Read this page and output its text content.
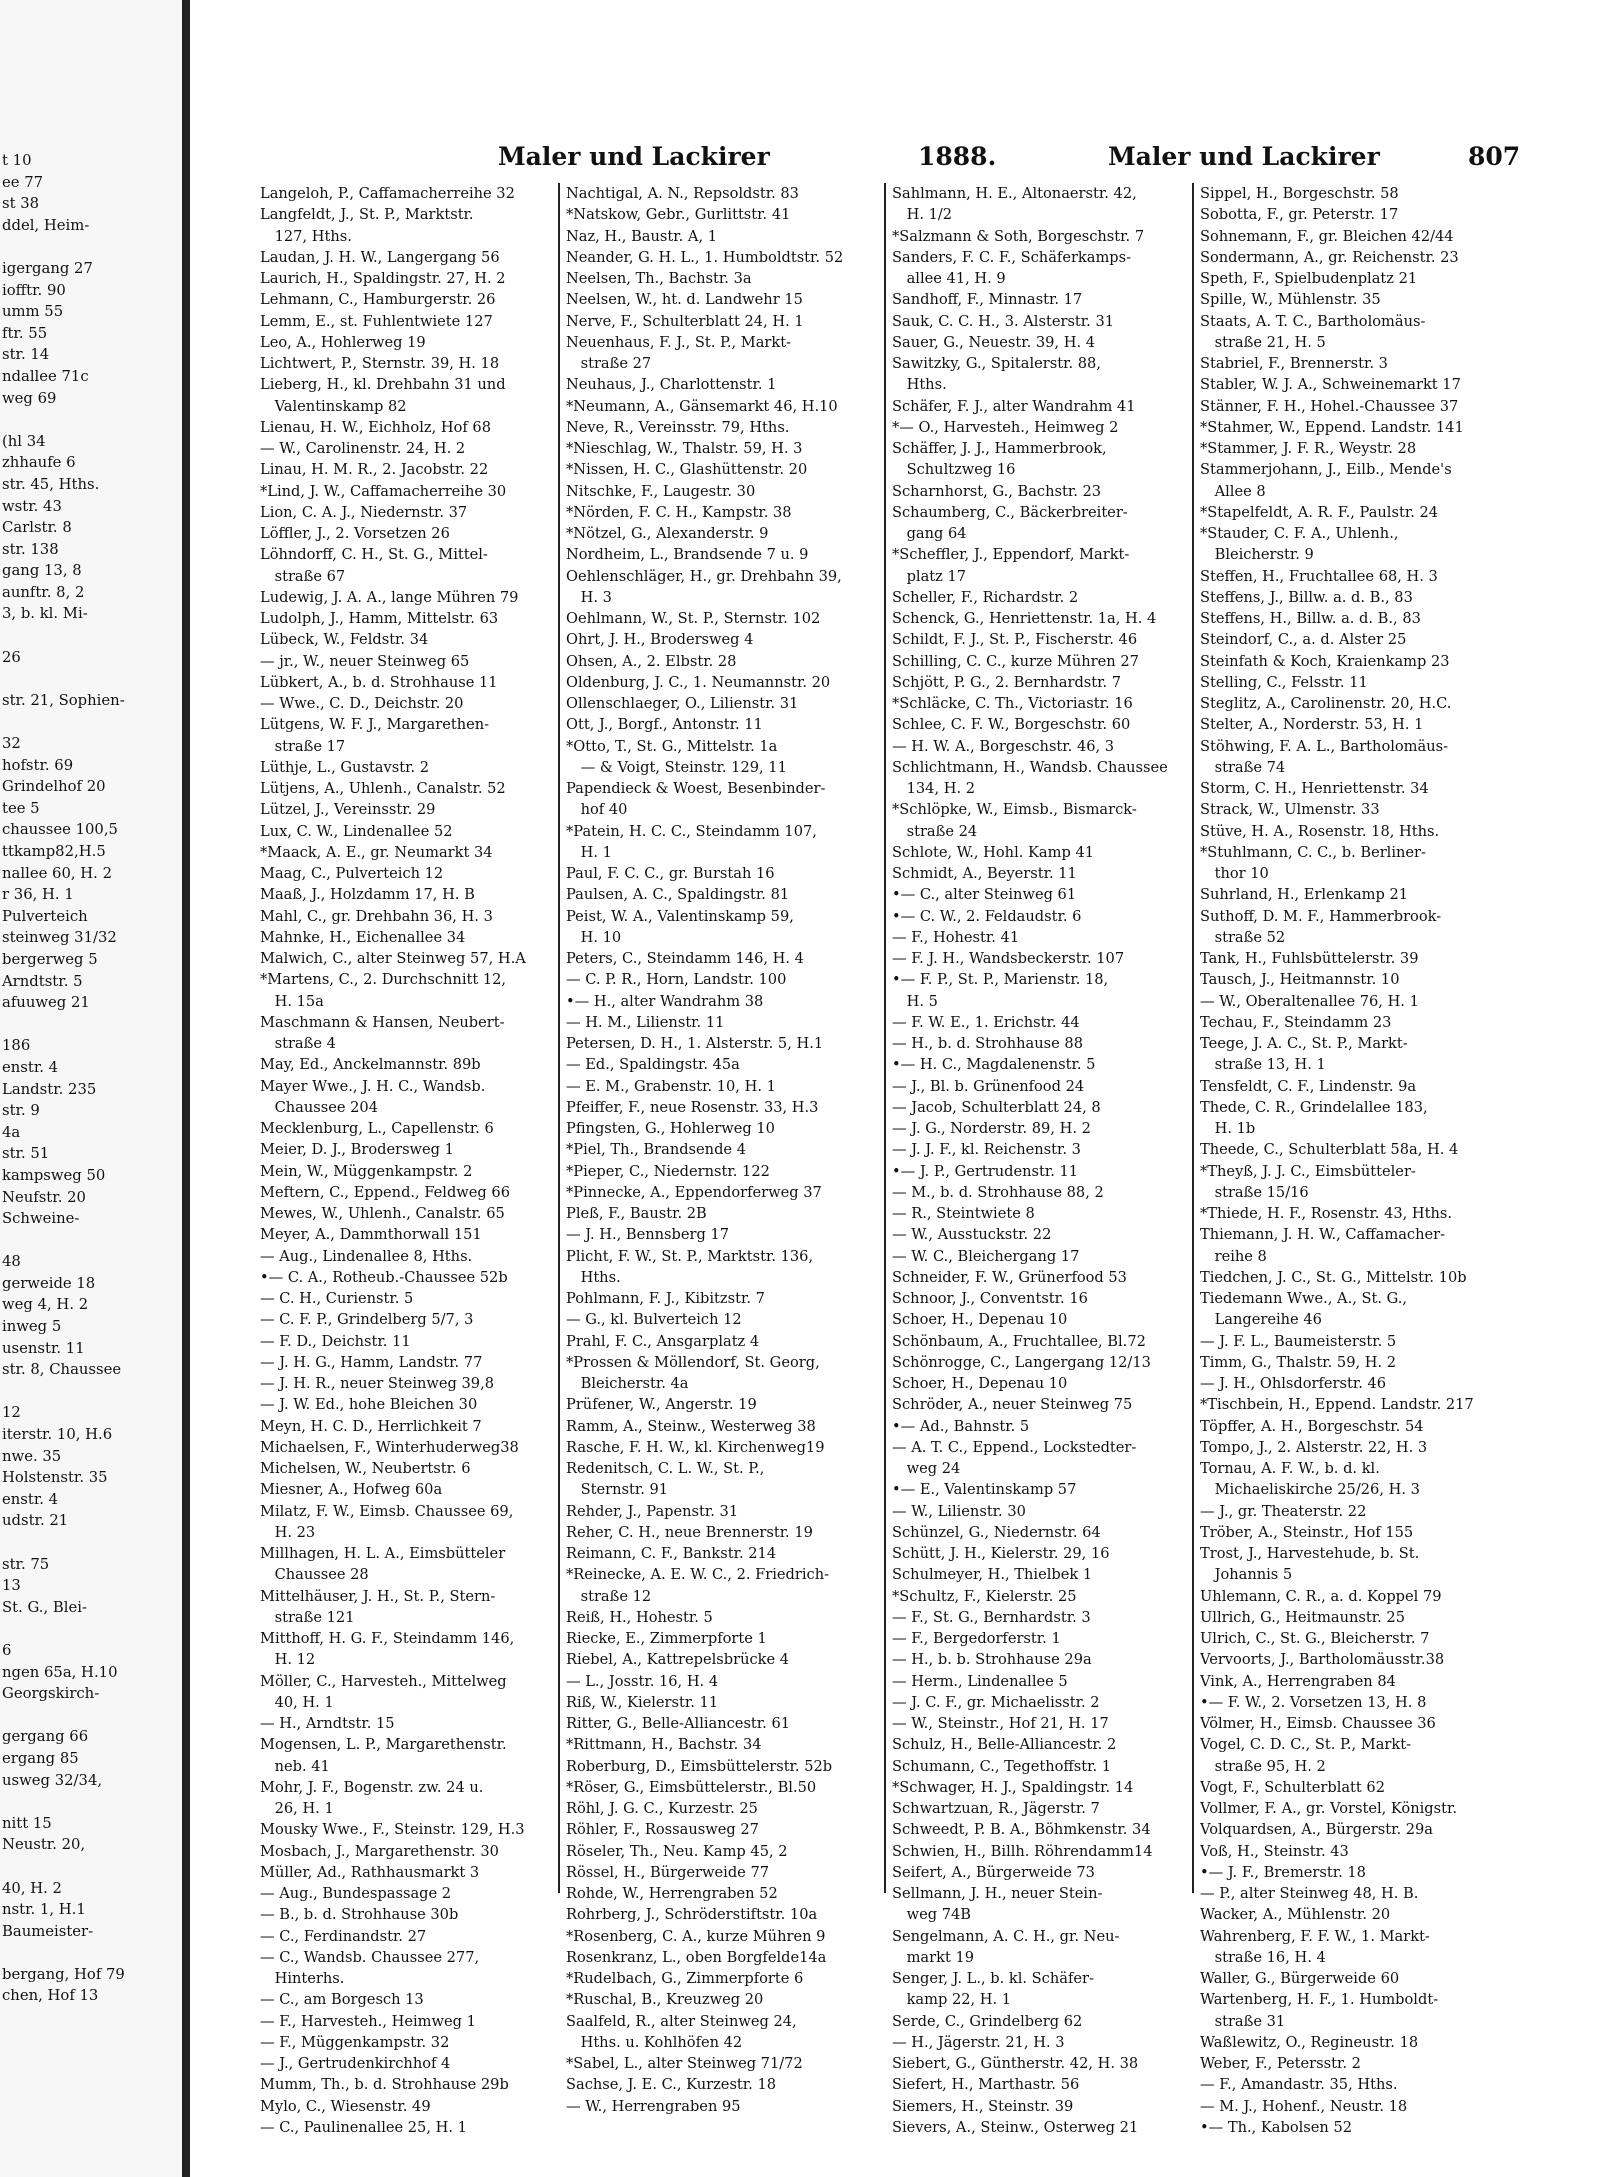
t 10
ee 77
st 38
ddel, Heim-

igergang 27
iofftr. 90
umm 55
ftr. 55
str. 14
ndallee 71c
weg 69

(hl 34
zhhaufe 6
str. 45, Hths.
wstr. 43
Carlstr. 8
str. 138
gang 13, 8
aunftr. 8, 2
3, b. kl. Mi-

26

str. 21, Sophien-

32
hofstr. 69
Grindelhof 20
tee 5
chaussee 100,5
ttkamp82,H.5
nallee 60, H. 2
r 36, H. 1
Pulverteich
steinweg 31/32
bergerweg 5
Arndtstr. 5
afuuweg 21

186
enstr. 4
Landstr. 235
str. 9
4a
str. 51
kampsweg 50
Neufstr. 20
Schweine-

48
gerweide 18
weg 4, H. 2
inweg 5
usenstr. 11
str. 8, Chaussee

12
iterstr. 10, H.6
nwe. 35
Holstenstr. 35
enstr. 4
udstr. 21

str. 75
13
St. G., Blei-

6
ngen 65a, H.10
Georgskirch-

gergang 66
ergang 85
usweg 32/34,

nitt 15
Neustr. 20,

40, H. 2
nstr. 1, H.1
Baumeister-

bergang, Hof 79
chen, Hof 13
Maler und Lackirer	1888.	Maler und Lackirer	807
Langeloh, P., Caffamacherreihe 32
Langfeldt, J., St. P., Marktstr.
 127, Hths.
Laudan, J. H. W., Langergang 56
Laurich, H., Spaldingstr. 27, H. 2
Lehmann, C., Hamburgerstr. 26
Lemm, E., st. Fuhlentwiete 127
Leo, A., Hohlerweg 19
Lichtwert, P., Sternstr. 39, H. 18
Lieberg, H., kl. Drehbahn 31 und
 Valentinskamp 82
Lienau, H. W., Eichholz, Hof 68
— W., Carolinenstr. 24, H. 2
Linau, H. M. R., 2. Jacobstr. 22
*Lind, J. W., Caffamacherreihe 30
Lion, C. A. J., Niedernstr. 37
Löffler, J., 2. Vorsetzen 26
Löhndorff, C. H., St. G., Mittel-
 straße 67
Ludewig, J. A. A., lange Mühren 79
Ludolph, J., Hamm, Mittelstr. 63
Lübeck, W., Feldstr. 34
— jr., W., neuer Steinweg 65
Lübkert, A., b. d. Strohhause 11
— Wwe., C. D., Deichstr. 20
Lütgens, W. F. J., Margarethen-
 straße 17
Lüthje, L., Gustavstr. 2
Lütjens, A., Uhlenh., Canalstr. 52
Lützel, J., Vereinsstr. 29
Lux, C. W., Lindenallee 52
*Maack, A. E., gr. Neumarkt 34
Maag, C., Pulverteich 12
Maaß, J., Holzdamm 17, H. B
Mahl, C., gr. Drehbahn 36, H. 3
Mahnke, H., Eichenallee 34
Malwich, C., alter Steinweg 57, H.A
*Martens, C., 2. Durchschnitt 12,
 H. 15a
Maschmann & Hansen, Neubert-
 straße 4
May, Ed., Anckelmannstr. 89b
Mayer Wwe., J. H. C., Wandsb.
 Chaussee 204
Mecklenburg, L., Capellenstr. 6
Meier, D. J., Brodersweg 1
Mein, W., Müggenkampstr. 2
Meftern, C., Eppend., Feldweg 66
Mewes, W., Uhlenh., Canalstr. 65
Meyer, A., Dammthorwall 151
— Aug., Lindenallee 8, Hths.
•— C. A., Rotheub.-Chaussee 52b
— C. H., Curienstr. 5
— C. F. P., Grindelberg 5/7, 3
— F. D., Deichstr. 11
— J. H. G., Hamm, Landstr. 77
— J. H. R., neuer Steinweg 39,8
— J. W. Ed., hohe Bleichen 30
Meyn, H. C. D., Herrlichkeit 7
Michaelsen, F., Winterhuderweg38
Michelsen, W., Neubertstr. 6
Miesner, A., Hofweg 60a
Milatz, F. W., Eimsb. Chaussee 69,
 H. 23
Millhagen, H. L. A., Eimsbütteler
 Chaussee 28
Mittelhäuser, J. H., St. P., Stern-
 straße 121
Mitthoff, H. G. F., Steindamm 146,
 H. 12
Möller, C., Harvesteh., Mittelweg
 40, H. 1
— H., Arndtstr. 15
Mogensen, L. P., Margarethenstr.
 neb. 41
Mohr, J. F., Bogenstr. zw. 24 u.
 26, H. 1
Mousky Wwe., F., Steinstr. 129, H.3
Mosbach, J., Margarethenstr. 30
Müller, Ad., Rathhausmarkt 3
— Aug., Bundespassage 2
— B., b. d. Strohhause 30b
— C., Ferdinandstr. 27
— C., Wandsb. Chaussee 277,
 Hinterhs.
— C., am Borgesch 13
— F., Harvesteh., Heimweg 1
— F., Müggenkampstr. 32
— J., Gertrudenkirchhof 4
Mumm, Th., b. d. Strohhause 29b
Mylo, C., Wiesenstr. 49
— C., Paulinenallee 25, H. 1
Nachtigal, A. N., Repsoldstr. 83
*Natskow, Gebr., Gurlittstr. 41
Naz, H., Baustr. A, 1
Neander, G. H. L., 1. Humboldtstr. 52
Neelsen, Th., Bachstr. 3a
Neelsen, W., ht. d. Landwehr 15
Nerve, F., Schulterblatt 24, H. 1
Neuenhaus, F. J., St. P., Markt-
 straße 27
Neuhaus, J., Charlottenstr. 1
*Neumann, A., Gänsemarkt 46, H.10
Neve, R., Vereinsstr. 79, Hths.
*Nieschlag, W., Thalstr. 59, H. 3
*Nissen, H. C., Glashüttenstr. 20
Nitschke, F., Laugestr. 30
*Nörden, F. C. H., Kampstr. 38
*Nötzel, G., Alexanderstr. 9
Nordheim, L., Brandsende 7 u. 9
Oehlenschläger, H., gr. Drehbahn 39,
 H. 3
Oehlmann, W., St. P., Sternstr. 102
Ohrt, J. H., Brodersweg 4
Ohsen, A., 2. Elbstr. 28
Oldenburg, J. C., 1. Neumannstr. 20
Ollenschlaeger, O., Lilienstr. 31
Ott, J., Borgf., Antonstr. 11
*Otto, T., St. G., Mittelstr. 1a
 — & Voigt, Steinstr. 129, 11
Papendieck & Woest, Besenbinder-
 hof 40
*Patein, H. C. C., Steindamm 107,
 H. 1
Paul, F. C. C., gr. Burstah 16
Paulsen, A. C., Spaldingstr. 81
Peist, W. A., Valentinskamp 59,
 H. 10
Peters, C., Steindamm 146, H. 4
— C. P. R., Horn, Landstr. 100
•— H., alter Wandrahm 38
— H. M., Lilienstr. 11
Petersen, D. H., 1. Alsterstr. 5, H.1
— Ed., Spaldingstr. 45a
— E. M., Grabenstr. 10, H. 1
Pfeiffer, F., neue Rosenstr. 33, H.3
Pfingsten, G., Hohlerweg 10
*Piel, Th., Brandsende 4
*Pieper, C., Niedernstr. 122
*Pinnecke, A., Eppendorferweg 37
Pleß, F., Baustr. 2B
— J. H., Bennsberg 17
Plicht, F. W., St. P., Marktstr. 136,
 Hths.
Pohlmann, F. J., Kibitzstr. 7
— G., kl. Bulverteich 12
Prahl, F. C., Ansgarplatz 4
*Prossen & Möllendorf, St. Georg,
 Bleicherstr. 4a
Prüfener, W., Angerstr. 19
Ramm, A., Steinw., Westerweg 38
Rasche, F. H. W., kl. Kirchenweg19
Redenitsch, C. L. W., St. P.,
 Sternstr. 91
Rehder, J., Papenstr. 31
Reher, C. H., neue Brennerstr. 19
Reimann, C. F., Bankstr. 214
*Reinecke, A. E. W. C., 2. Friedrich-
 straße 12
Reiß, H., Hohestr. 5
Riecke, E., Zimmerpforte 1
Riebel, A., Kattrepelsbrücke 4
— L., Josstr. 16, H. 4
Riß, W., Kielerstr. 11
Ritter, G., Belle-Alliancestr. 61
*Rittmann, H., Bachstr. 34
Roberburg, D., Eimsbüttelerstr. 52b
*Röser, G., Eimsbüttelerstr., Bl.50
Röhl, J. G. C., Kurzestr. 25
Röhler, F., Rossausweg 27
Röseler, Th., Neu. Kamp 45, 2
Rössel, H., Bürgerweide 77
Rohde, W., Herrengraben 52
Rohrberg, J., Schröderstiftstr. 10a
*Rosenberg, C. A., kurze Mühren 9
Rosenkranz, L., oben Borgfelde14a
*Rudelbach, G., Zimmerpforte 6
*Ruschal, B., Kreuzweg 20
Saalfeld, R., alter Steinweg 24,
 Hths. u. Kohlhöfen 42
*Sabel, L., alter Steinweg 71/72
Sachse, J. E. C., Kurzestr. 18
— W., Herrengraben 95
Sahlmann, H. E., Altonaerstr. 42,
 H. 1/2
*Salzmann & Soth, Borgeschstr. 7
Sanders, F. C. F., Schäferkamps-
 allee 41, H. 9
Sandhoff, F., Minnastr. 17
Sauk, C. C. H., 3. Alsterstr. 31
Sauer, G., Neuestr. 39, H. 4
Sawitzky, G., Spitalerstr. 88,
 Hths.
Schäfer, F. J., alter Wandrahm 41
*— O., Harvesteh., Heimweg 2
Schäffer, J. J., Hammerbrook,
 Schultzweg 16
Scharnhorst, G., Bachstr. 23
Schaumberg, C., Bäckerbreiter-
 gang 64
*Scheffler, J., Eppendorf, Markt-
 platz 17
Scheller, F., Richardstr. 2
Schenck, G., Henriettenstr. 1a, H. 4
Schildt, F. J., St. P., Fischerstr. 46
Schilling, C. C., kurze Mühren 27
Schjött, P. G., 2. Bernhardstr. 7
*Schläcke, C. Th., Victoriastr. 16
Schlee, C. F. W., Borgeschstr. 60
— H. W. A., Borgeschstr. 46, 3
Schlichtmann, H., Wandsb. Chaussee
 134, H. 2
*Schlöpke, W., Eimsb., Bismarck-
 straße 24
Schlote, W., Hohl. Kamp 41
Schmidt, A., Beyerstr. 11
•— C., alter Steinweg 61
•— C. W., 2. Feldaudstr. 6
— F., Hohestr. 41
— F. J. H., Wandsbeckerstr. 107
•— F. P., St. P., Marienstr. 18,
 H. 5
— F. W. E., 1. Erichstr. 44
— H., b. d. Strohhause 88
•— H. C., Magdalenenstr. 5
— J., Bl. b. Grünenfood 24
— Jacob, Schulterblatt 24, 8
— J. G., Norderstr. 89, H. 2
— J. J. F., kl. Reichenstr. 3
•— J. P., Gertrudenstr. 11
— M., b. d. Strohhause 88, 2
— R., Steintwiete 8
— W., Ausstuckstr. 22
— W. C., Bleichergang 17
Schneider, F. W., Grünerfood 53
Schnoor, J., Conventstr. 16
Schoer, H., Depenau 10
Schönbaum, A., Fruchtallee, Bl.72
Schönrogge, C., Langergang 12/13
Schoer, H., Depenau 10
Schröder, A., neuer Steinweg 75
•— Ad., Bahnstr. 5
— A. T. C., Eppend., Lockstedter-
 weg 24
•— E., Valentinskamp 57
— W., Lilienstr. 30
Schünzel, G., Niedernstr. 64
Schütt, J. H., Kielerstr. 29, 16
Schulmeyer, H., Thielbek 1
*Schultz, F., Kielerstr. 25
— F., St. G., Bernhardstr. 3
— F., Bergedorferstr. 1
— H., b. b. Strohhause 29a
— Herm., Lindenallee 5
— J. C. F., gr. Michaelisstr. 2
— W., Steinstr., Hof 21, H. 17
Schulz, H., Belle-Alliancestr. 2
Schumann, C., Tegethoffstr. 1
*Schwager, H. J., Spaldingstr. 14
Schwartzuan, R., Jägerstr. 7
Schweedt, P. B. A., Böhmkenstr. 34
Schwien, H., Billh. Röhrendamm14
Seifert, A., Bürgerweide 73
Sellmann, J. H., neuer Stein-
 weg 74B
Sengelmann, A. C. H., gr. Neu-
 markt 19
Senger, J. L., b. kl. Schäfer-
 kamp 22, H. 1
Serde, C., Grindelberg 62
— H., Jägerstr. 21, H. 3
Siebert, G., Güntherstr. 42, H. 38
Siefert, H., Marthastr. 56
Siemers, H., Steinstr. 39
Sievers, A., Steinw., Osterweg 21
Sippel, H., Borgeschstr. 58
Sobotta, F., gr. Peterstr. 17
Sohnemann, F., gr. Bleichen 42/44
Sondermann, A., gr. Reichenstr. 23
Speth, F., Spielbudenplatz 21
Spille, W., Mühlenstr. 35
Staats, A. T. C., Bartholomäus-
 straße 21, H. 5
Stabriel, F., Brennerstr. 3
Stabler, W. J. A., Schweinemarkt 17
Stänner, F. H., Hohel.-Chaussee 37
*Stahmer, W., Eppend. Landstr. 141
*Stammer, J. F. R., Weystr. 28
Stammerjohann, J., Eilb., Mende's
 Allee 8
*Stapelfeldt, A. R. F., Paulstr. 24
*Stauder, C. F. A., Uhlenh.,
 Bleicherstr. 9
Steffen, H., Fruchtallee 68, H. 3
Steffens, J., Billw. a. d. B., 83
Steffens, H., Billw. a. d. B., 83
Steindorf, C., a. d. Alster 25
Steinfath & Koch, Kraienkamp 23
Stelling, C., Felsstr. 11
Steglitz, A., Carolinenstr. 20, H.C.
Stelter, A., Norderstr. 53, H. 1
Stöhwing, F. A. L., Bartholomäus-
 straße 74
Storm, C. H., Henriettenstr. 34
Strack, W., Ulmenstr. 33
Stüve, H. A., Rosenstr. 18, Hths.
*Stuhlmann, C. C., b. Berliner-
 thor 10
Suhrland, H., Erlenkamp 21
Suthoff, D. M. F., Hammerbrook-
 straße 52
Tank, H., Fuhlsbüttelerstr. 39
Tausch, J., Heitmannstr. 10
— W., Oberaltenallee 76, H. 1
Techau, F., Steindamm 23
Teege, J. A. C., St. P., Markt-
 straße 13, H. 1
Tensfeldt, C. F., Lindenstr. 9a
Thede, C. R., Grindelallee 183,
 H. 1b
Theede, C., Schulterblatt 58a, H. 4
*Theyß, J. J. C., Eimsbütteler-
 straße 15/16
*Thiede, H. F., Rosenstr. 43, Hths.
Thiemann, J. H. W., Caffamacher-
 reihe 8
Tiedchen, J. C., St. G., Mittelstr. 10b
Tiedemann Wwe., A., St. G.,
 Langereihe 46
— J. F. L., Baumeisterstr. 5
Timm, G., Thalstr. 59, H. 2
— J. H., Ohlsdorferstr. 46
*Tischbein, H., Eppend. Landstr. 217
Töpffer, A. H., Borgeschstr. 54
Tompo, J., 2. Alsterstr. 22, H. 3
Tornau, A. F. W., b. d. kl.
 Michaeliskirche 25/26, H. 3
— J., gr. Theaterstr. 22
Tröber, A., Steinstr., Hof 155
Trost, J., Harvestehude, b. St.
 Johannis 5
Uhlemann, C. R., a. d. Koppel 79
Ullrich, G., Heitmaunstr. 25
Ulrich, C., St. G., Bleicherstr. 7
Vervoorts, J., Bartholomäusstr.38
Vink, A., Herrengraben 84
•— F. W., 2. Vorsetzen 13, H. 8
Völmer, H., Eimsb. Chaussee 36
Vogel, C. D. C., St. P., Markt-
 straße 95, H. 2
Vogt, F., Schulterblatt 62
Vollmer, F. A., gr. Vorstel, Königstr.
Volquardsen, A., Bürgerstr. 29a
Voß, H., Steinstr. 43
•— J. F., Bremerstr. 18
— P., alter Steinweg 48, H. B.
Wacker, A., Mühlenstr. 20
Wahrenberg, F. F. W., 1. Markt-
 straße 16, H. 4
Waller, G., Bürgerweide 60
Wartenberg, H. F., 1. Humboldt-
 straße 31
Waßlewitz, O., Regineustr. 18
Weber, F., Petersstr. 2
— F., Amandastr. 35, Hths.
— M. J., Hohenf., Neustr. 18
•— Th., Kabolsen 52
